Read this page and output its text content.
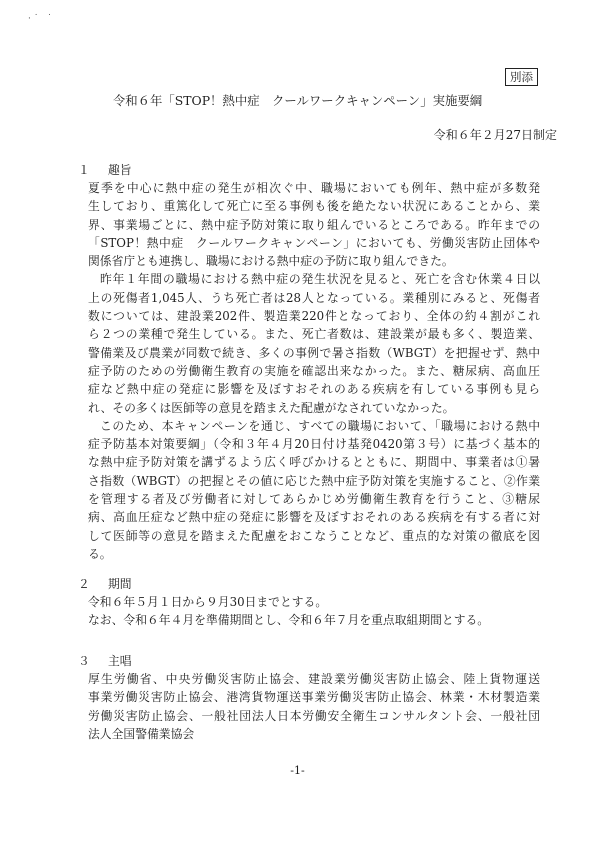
·˙ ˙
別添
令和６年「STOP！熱中症　クールワークキャンペーン」実施要綱
令和６年２月27日制定
１ 趣旨
夏季を中心に熱中症の発生が相次ぐ中、職場においても例年、熱中症が多数発
生しており、重篤化して死亡に至る事例も後を絶たない状況にあることから、業
界、事業場ごとに、熱中症予防対策に取り組んでいるところである。昨年までの
「STOP！熱中症　クールワークキャンペーン」においても、労働災害防止団体や
関係省庁とも連携し、職場における熱中症の予防に取り組んできた。
昨年１年間の職場における熱中症の発生状況を見ると、死亡を含む休業４日以
上の死傷者1,045人、うち死亡者は28人となっている。業種別にみると、死傷者
数については、建設業202件、製造業220件となっており、全体の約４割がこれ
ら２つの業種で発生している。また、死亡者数は、建設業が最も多く、製造業、
警備業及び農業が同数で続き、多くの事例で暑さ指数（WBGT）を把握せず、熱中
症予防のための労働衛生教育の実施を確認出来なかった。また、糖尿病、高血圧
症など熱中症の発症に影響を及ぼすおそれのある疾病を有している事例も見ら
れ、その多くは医師等の意見を踏まえた配慮がなされていなかった。
このため、本キャンペーンを通じ、すべての職場において、「職場における熱中
症予防基本対策要綱」（令和３年４月20日付け基発0420第３号）に基づく基本的
な熱中症予防対策を講ずるよう広く呼びかけるとともに、期間中、事業者は①暑
さ指数（WBGT）の把握とその値に応じた熱中症予防対策を実施すること、②作業
を管理する者及び労働者に対してあらかじめ労働衛生教育を行うこと、③糖尿
病、高血圧症など熱中症の発症に影響を及ぼすおそれのある疾病を有する者に対
して医師等の意見を踏まえた配慮をおこなうことなど、重点的な対策の徹底を図
る。
２ 期間
令和６年５月１日から９月30日までとする。
なお、令和６年４月を準備期間とし、令和６年７月を重点取組期間とする。
３ 主唱
厚生労働省、中央労働災害防止協会、建設業労働災害防止協会、陸上貨物運送
事業労働災害防止協会、港湾貨物運送事業労働災害防止協会、林業・木材製造業
労働災害防止協会、一般社団法人日本労働安全衛生コンサルタント会、一般社団
法人全国警備業協会
-1-
